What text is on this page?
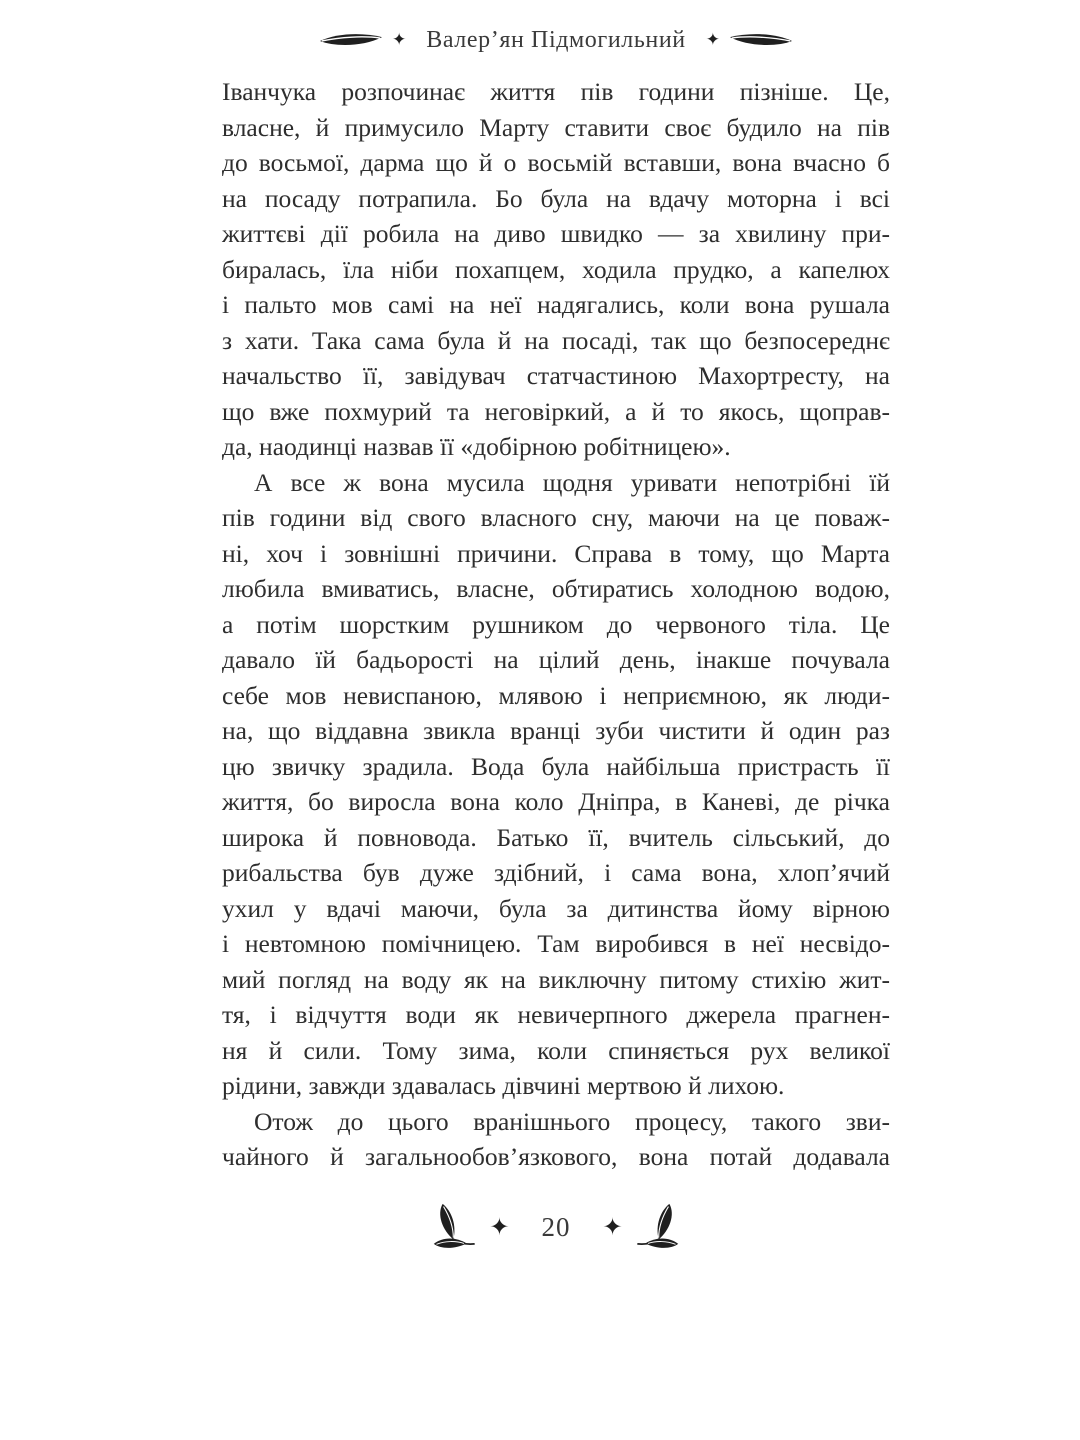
✦ Валер’ян Підмогильний ✦
Іванчука розпочинає життя пів години пізніше. Це,
власне, й примусило Марту ставити своє будило на пів
до восьмої, дарма що й о восьмій вставши, вона вчасно б
на посаду потрапила. Бо була на вдачу моторна і всі
життєві дії робила на диво швидко — за хвилину при-
биралась, їла ніби похапцем, ходила прудко, а капелюх
і пальто мов самі на неї надягались, коли вона рушала
з хати. Така сама була й на посаді, так що безпосереднє
начальство її, завідувач статчастиною Махортресту, на
що вже похмурий та неговіркий, а й то якось, щоправ-
да, наодинці назвав її «добірною робітницею».
А все ж вона мусила щодня уривати непотрібні їй
пів години від свого власного сну, маючи на це поваж-
ні, хоч і зовнішні причини. Справа в тому, що Марта
любила вмиватись, власне, обтиратись холодною водою,
а потім шорстким рушником до червоного тіла. Це
давало їй бадьорості на цілий день, інакше почувала
себе мов невиспаною, млявою і неприємною, як люди-
на, що віддавна звикла вранці зуби чистити й один раз
цю звичку зрадила. Вода була найбільша пристрасть її
життя, бо виросла вона коло Дніпра, в Каневі, де річка
широка й повновода. Батько її, вчитель сільський, до
рибальства був дуже здібний, і сама вона, хлоп’ячий
ухил у вдачі маючи, була за дитинства йому вірною
і невтомною помічницею. Там виробився в неї несвідо-
мий погляд на воду як на виключну питому стихію жит-
тя, і відчуття води як невичерпного джерела прагнен-
ня й сили. Тому зима, коли спиняється рух великої
рідини, завжди здавалась дівчині мертвою й лихою.
Отож до цього вранішнього процесу, такого зви-
чайного й загальнообов’язкового, вона потай додавала
✦ 20 ✦
